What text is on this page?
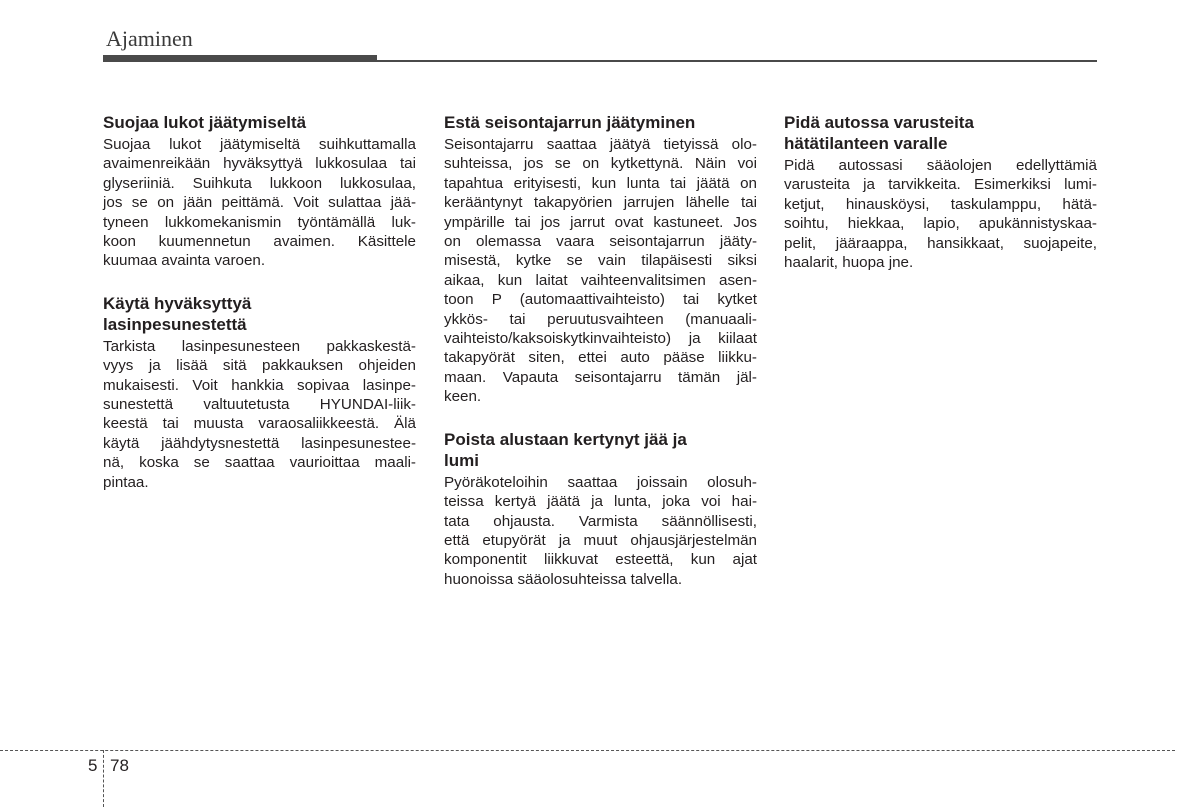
Ajaminen
Suojaa lukot jäätymiseltä

Suojaa lukot jäätymiseltä suihkuttamalla
avaimenreikään hyväksyttyä lukkosulaa tai
glyseriiniä. Suihkuta lukkoon lukkosulaa,
jos se on jään peittämä. Voit sulattaa jää-
tyneen lukkomekanismin työntämällä luk-
koon kuumennetun avaimen. Käsittele
kuumaa avainta varoen.

Käytä hyväksyttyä
lasinpesunestettä

Tarkista lasinpesunesteen pakkaskestä-
vyys ja lisää sitä pakkauksen ohjeiden
mukaisesti. Voit hankkia sopivaa lasinpe-
sunestettä valtuutetusta HYUNDAI-liik-
keestä tai muusta varaosaliikkeestä. Älä
käytä jäähdytysnestettä lasinpesunestee-
nä, koska se saattaa vaurioittaa maali-
pintaa.

Estä seisontajarrun jäätyminen

Seisontajarru saattaa jäätyä tietyissä olo-
suhteissa, jos se on kytkettynä. Näin voi
tapahtua erityisesti, kun lunta tai jäätä on
kerääntynyt takapyörien jarrujen lähelle tai
ympärille tai jos jarrut ovat kastuneet. Jos
on olemassa vaara seisontajarrun jääty-
misestä, kytke se vain tilapäisesti siksi
aikaa, kun laitat vaihteenvalitsimen asen-
toon P (automaattivaihteisto) tai kytket
ykkös- tai peruutusvaihteen (manuaali-
vaihteisto/kaksoiskytkinvaihteisto) ja kiilaat
takapyörät siten, ettei auto pääse liikku-
maan. Vapauta seisontajarru tämän jäl-
keen.

Poista alustaan kertynyt jää ja
lumi

Pyöräkoteloihin saattaa joissain olosuh-
teissa kertyä jäätä ja lunta, joka voi hai-
tata ohjausta. Varmista säännöllisesti,
että etupyörät ja muut ohjausjärjestelmän
komponentit liikkuvat esteettä, kun ajat
huonoissa sääolosuhteissa talvella.

Pidä autossa varusteita
hätätilanteen varalle

Pidä autossasi sääolojen edellyttämiä
varusteita ja tarvikkeita. Esimerkiksi lumi-
ketjut, hinausköysi, taskulamppu, hätä-
soihtu, hiekkaa, lapio, apukännistyskaa-
pelit, jääraappa, hansikkaat, suojapeite,
haalarit, huopa jne.

5 78
